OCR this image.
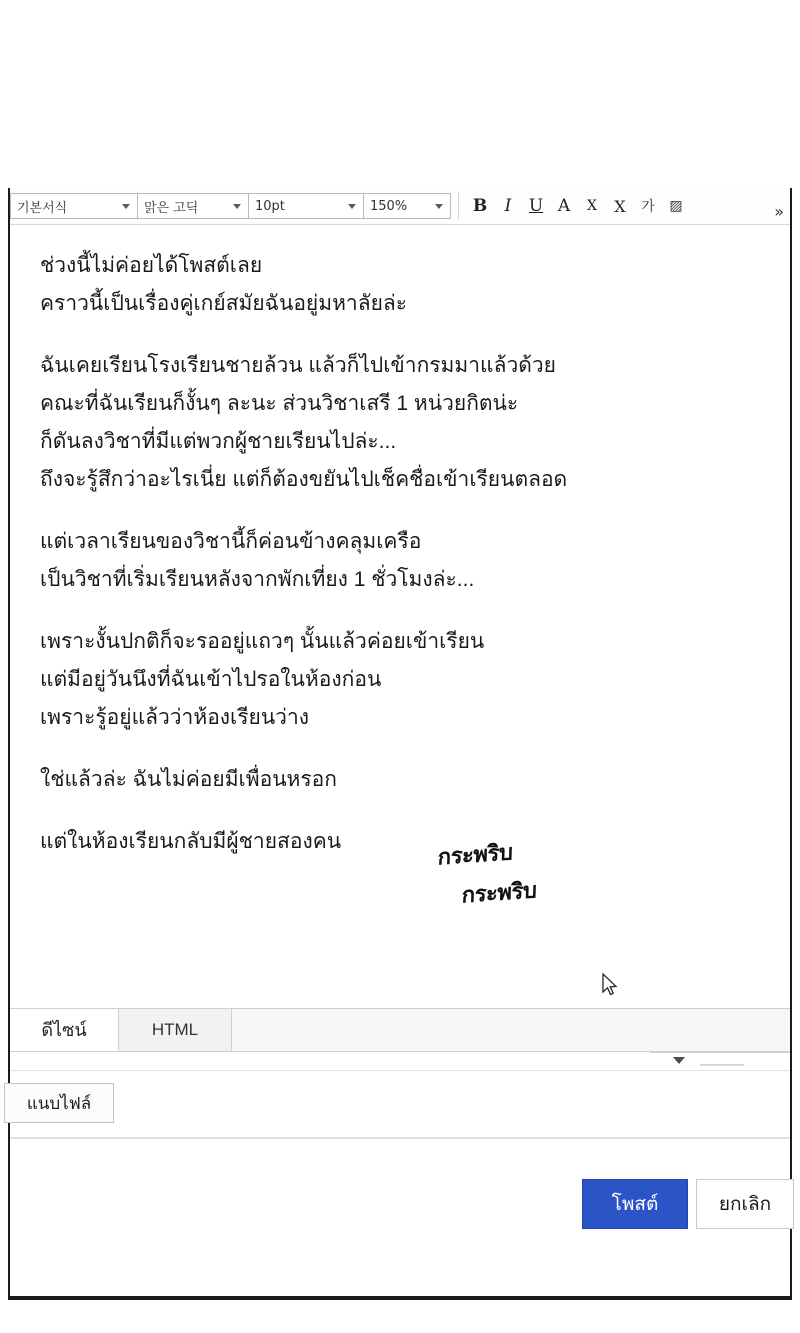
기본서식	맑은 고딕	10pt	150%	B	I	U A	X	X	가	▨	»
ช่วงนี้ไม่ค่อยได้โพสต์เลย
คราวนี้เป็นเรื่องคู่เกย์สมัยฉันอยู่มหาลัยล่ะ
ฉันเคยเรียนโรงเรียนชายล้วน แล้วก็ไปเข้ากรมมาแล้วด้วย
คณะที่ฉันเรียนก็งั้นๆ ละนะ ส่วนวิชาเสรี 1 หน่วยกิตน่ะ
ก็ดันลงวิชาที่มีแต่พวกผู้ชายเรียนไปล่ะ...
ถึงจะรู้สึกว่าอะไรเนี่ย แต่ก็ต้องขยันไปเช็คชื่อเข้าเรียนตลอด
แต่เวลาเรียนของวิชานี้ก็ค่อนข้างคลุมเครือ
เป็นวิชาที่เริ่มเรียนหลังจากพักเที่ยง 1 ชั่วโมงล่ะ...
เพราะงั้นปกติก็จะรออยู่แถวๆ นั้นแล้วค่อยเข้าเรียน
แต่มีอยู่วันนึงที่ฉันเข้าไปรอในห้องก่อน
เพราะรู้อยู่แล้วว่าห้องเรียนว่าง
ใช่แล้วล่ะ ฉันไม่ค่อยมีเพื่อนหรอก
แต่ในห้องเรียนกลับมีผู้ชายสองคน	กระพริบ
กระพริบ
ดีไซน์	HTML
แนบไฟล์
โพสต์	ยกเลิก
